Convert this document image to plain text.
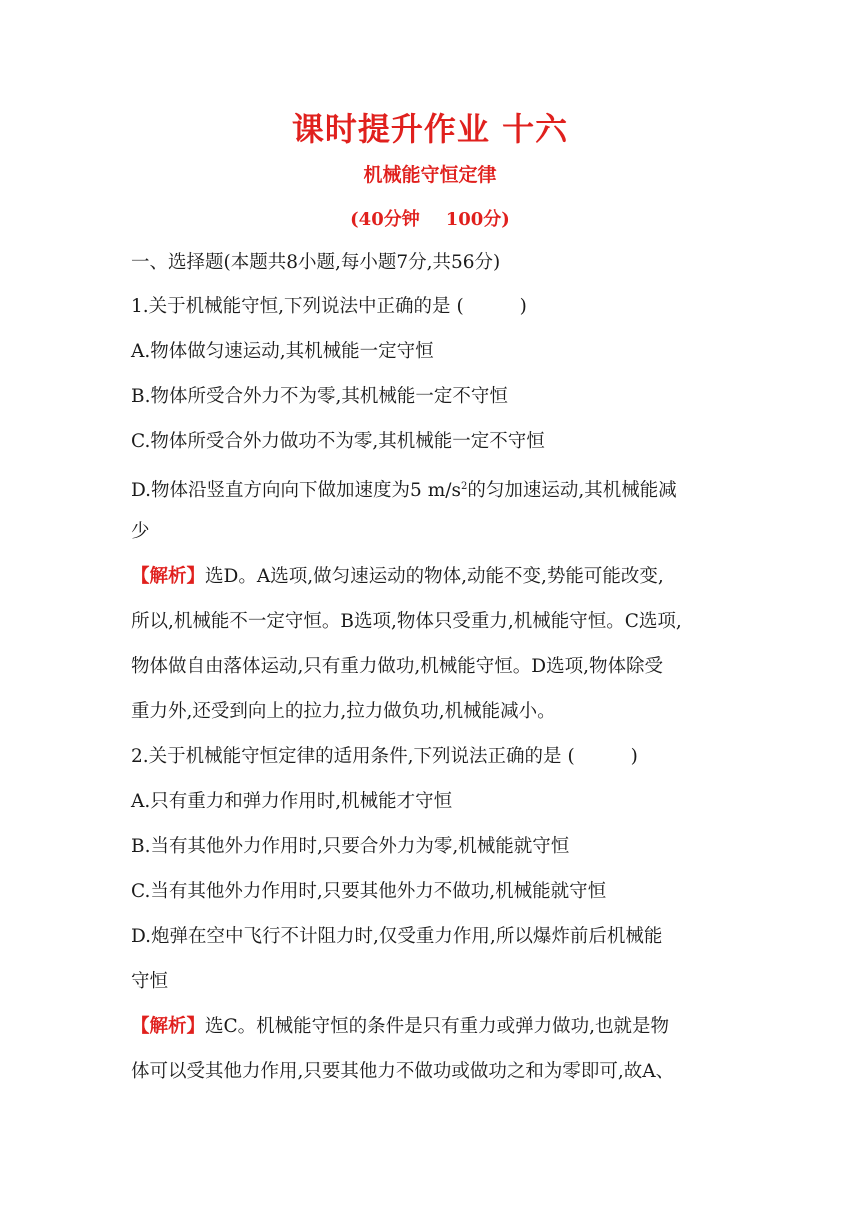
课时提升作业 十六
机械能守恒定律
(40分钟 100分)
一、选择题(本题共8小题,每小题7分,共56分)
1.关于机械能守恒,下列说法中正确的是 (	)
A.物体做匀速运动,其机械能一定守恒
B.物体所受合外力不为零,其机械能一定不守恒
C.物体所受合外力做功不为零,其机械能一定不守恒
D.物体沿竖直方向向下做加速度为5 $m/s^2$的匀加速运动,其机械能减
少
【解析】选D。A选项,做匀速运动的物体,动能不变,势能可能改变,
所以,机械能不一定守恒。B选项,物体只受重力,机械能守恒。C选项,
物体做自由落体运动,只有重力做功,机械能守恒。D选项,物体除受
重力外,还受到向上的拉力,拉力做负功,机械能减小。
2.关于机械能守恒定律的适用条件,下列说法正确的是 (	)
A.只有重力和弹力作用时,机械能才守恒
B.当有其他外力作用时,只要合外力为零,机械能就守恒
C.当有其他外力作用时,只要其他外力不做功,机械能就守恒
D.炮弹在空中飞行不计阻力时,仅受重力作用,所以爆炸前后机械能
守恒
【解析】选C。机械能守恒的条件是只有重力或弹力做功,也就是物
体可以受其他力作用,只要其他力不做功或做功之和为零即可,故A、
